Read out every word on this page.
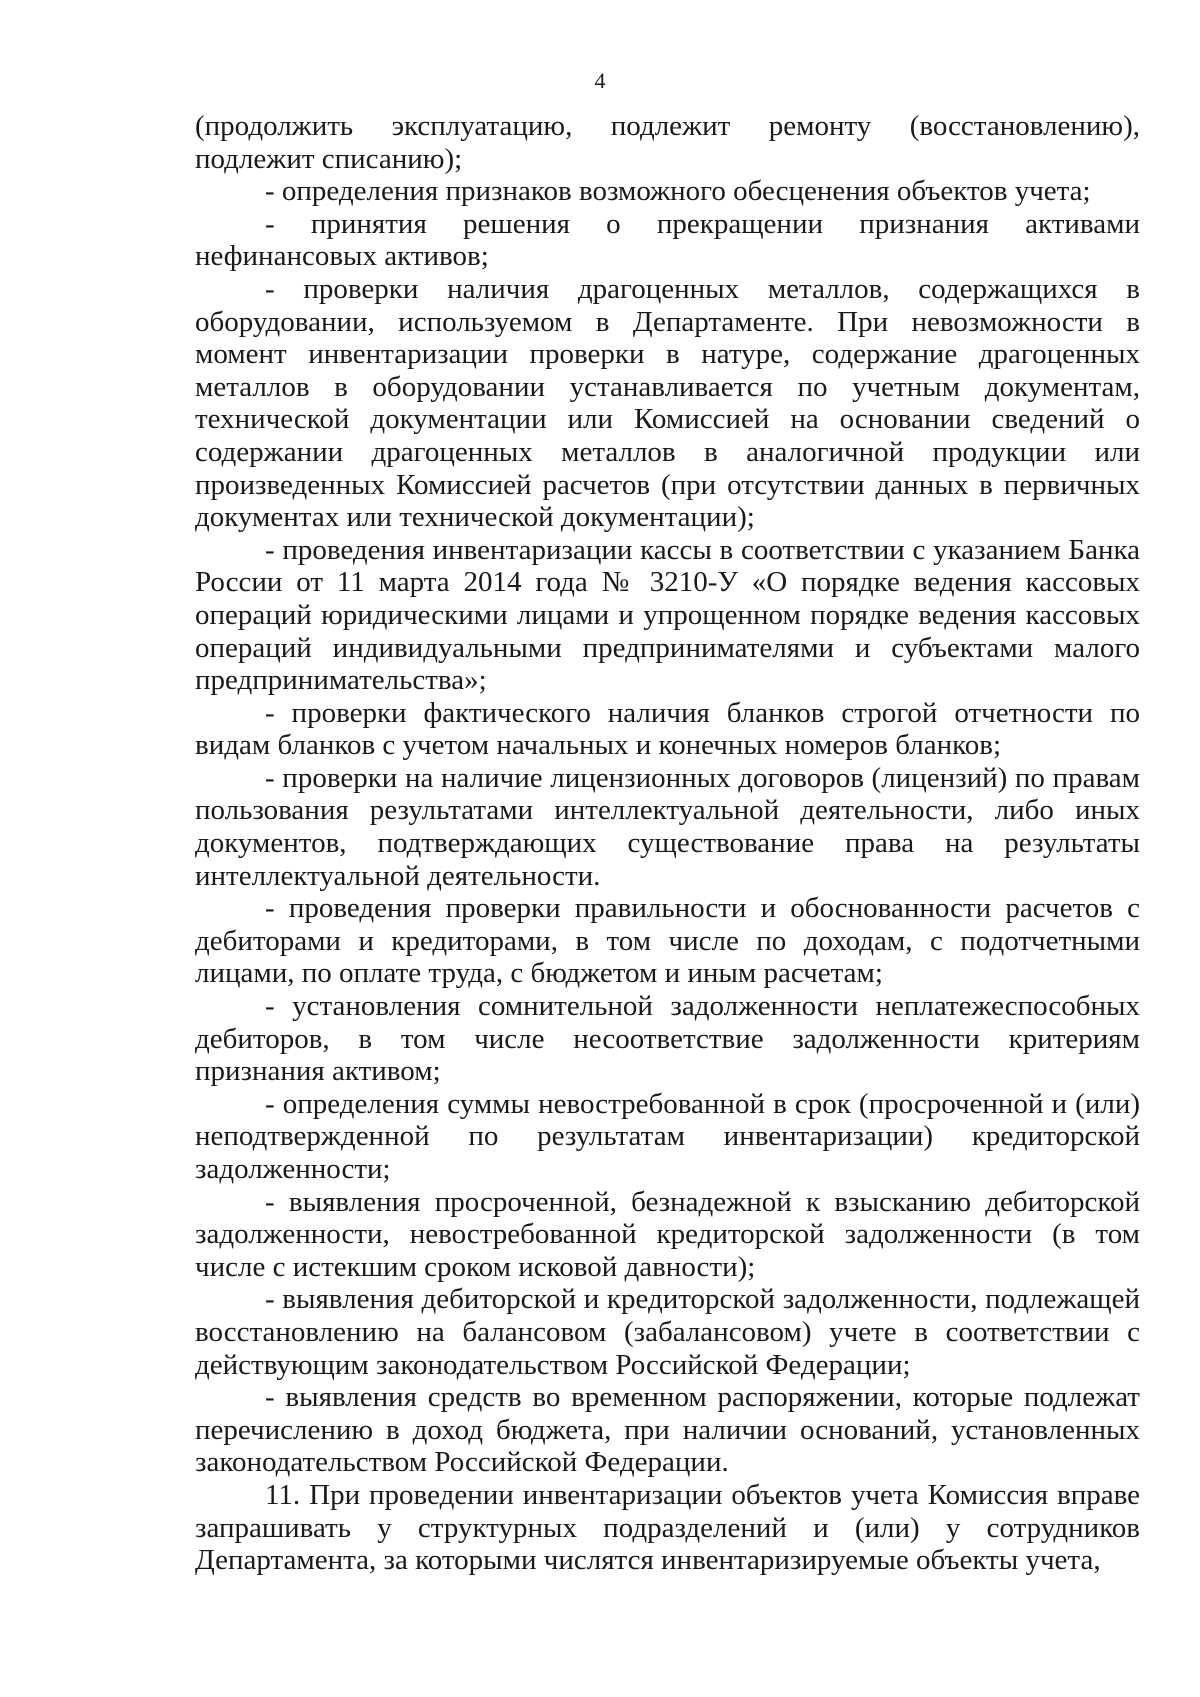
4

(продолжить эксплуатацию, подлежит ремонту (восстановлению), подлежит списанию);

- определения признаков возможного обесценения объектов учета;

- принятия решения о прекращении признания активами нефинансовых активов;

- проверки наличия драгоценных металлов, содержащихся в оборудовании, используемом в Департаменте. При невозможности в момент инвентаризации проверки в натуре, содержание драгоценных металлов в оборудовании устанавливается по учетным документам, технической документации или Комиссией на основании сведений о содержании драгоценных металлов в аналогичной продукции или произведенных Комиссией расчетов (при отсутствии данных в первичных документах или технической документации);

- проведения инвентаризации кассы в соответствии с указанием Банка России от 11 марта 2014 года № 3210-У «О порядке ведения кассовых операций юридическими лицами и упрощенном порядке ведения кассовых операций индивидуальными предпринимателями и субъектами малого предпринимательства»;

- проверки фактического наличия бланков строгой отчетности по видам бланков с учетом начальных и конечных номеров бланков;

- проверки на наличие лицензионных договоров (лицензий) по правам пользования результатами интеллектуальной деятельности, либо иных документов, подтверждающих существование права на результаты интеллектуальной деятельности.

- проведения проверки правильности и обоснованности расчетов с дебиторами и кредиторами, в том числе по доходам, с подотчетными лицами, по оплате труда, с бюджетом и иным расчетам;

- установления сомнительной задолженности неплатежеспособных дебиторов, в том числе несоответствие задолженности критериям признания активом;

- определения суммы невостребованной в срок (просроченной и (или) неподтвержденной по результатам инвентаризации) кредиторской задолженности;

- выявления просроченной, безнадежной к взысканию дебиторской задолженности, невостребованной кредиторской задолженности (в том числе с истекшим сроком исковой давности);

- выявления дебиторской и кредиторской задолженности, подлежащей восстановлению на балансовом (забалансовом) учете в соответствии с действующим законодательством Российской Федерации;

- выявления средств во временном распоряжении, которые подлежат перечислению в доход бюджета, при наличии оснований, установленных законодательством Российской Федерации.

11. При проведении инвентаризации объектов учета Комиссия вправе запрашивать у структурных подразделений и (или) у сотрудников Департамента, за которыми числятся инвентаризируемые объекты учета,
